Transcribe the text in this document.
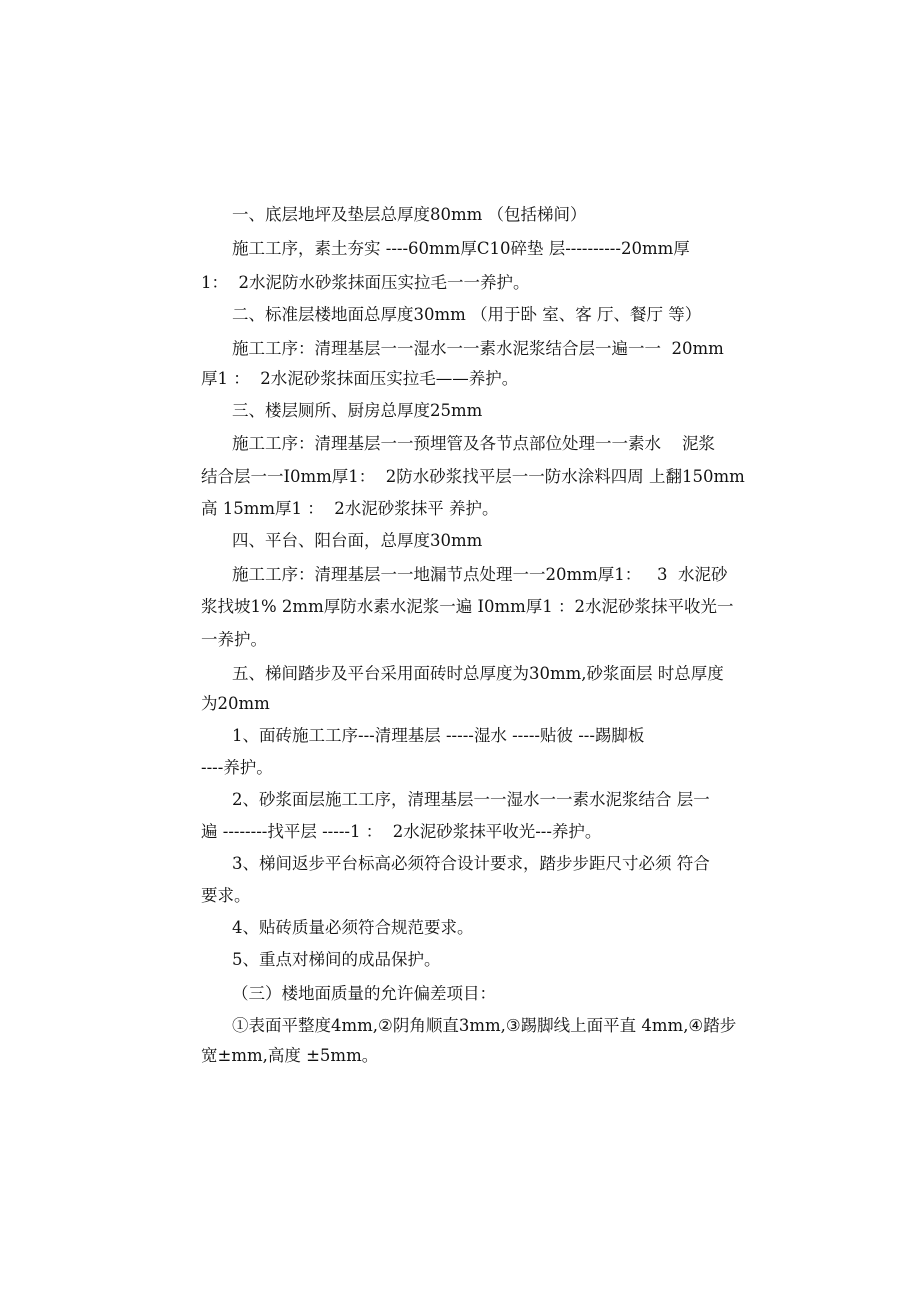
一、底层地坪及垫层总厚度80mm （包括梯间）
施工工序，素土夯实 ----60mm厚C10碎垫 层----------20mm厚
1：  2水泥防水砂浆抹面压实拉毛一一养护。
二、标准层楼地面总厚度30mm （用于卧 室、客 厅、餐厅 等）
施工工序：清理基层一一湿水一一素水泥浆结合层一遍一一  20mm
厚1 ：  2水泥砂浆抹面压实拉毛——养护。
三、楼层厕所、厨房总厚度25mm
施工工序：清理基层一一预埋管及各节点部位处理一一素水    泥浆
结合层一一I0mm厚1：  2防水砂浆找平层一一防水涂料四周 上翻150mm
高 15mm厚1 ：  2水泥砂浆抹平 养护。
四、平台、阳台面，总厚度30mm
施工工序：清理基层一一地漏节点处理一一20mm厚1：   3  水泥砂
浆找坡1% 2mm厚防水素水泥浆一遍 I0mm厚1 ：2水泥砂浆抹平收光一
一养护。
五、梯间踏步及平台采用面砖时总厚度为30mm,砂浆面层 时总厚度
为20mm
1、面砖施工工序---清理基层 -----湿水 -----贴彼 ---踢脚板
----养护。
2、砂浆面层施工工序，清理基层一一湿水一一素水泥浆结合 层一
遍 --------找平层 -----1 ：  2水泥砂浆抹平收光---养护。
3、梯间返步平台标高必须符合设计要求，踏步步距尺寸必须 符合
要求。
4、贴砖质量必须符合规范要求。
5、重点对梯间的成品保护。
（三）楼地面质量的允许偏差项目：
①表面平整度4mm,②阴角顺直3mm,③踢脚线上面平直 4mm,④踏步
宽±mm,高度 ±5mm。
